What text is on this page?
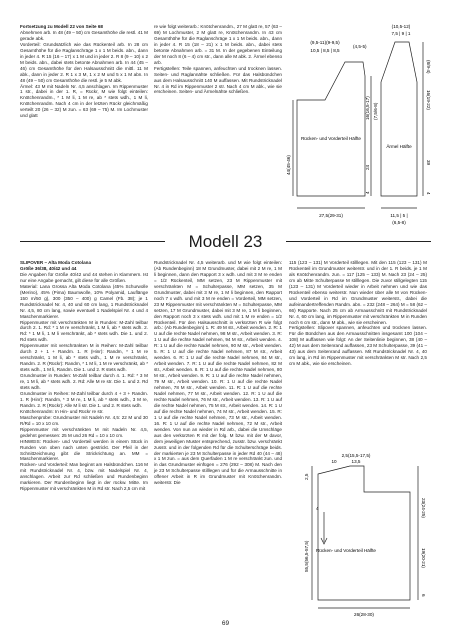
Fortsetzung zu Modell 22 von Seite 68

Abnehmen arb. In 48 (49 – 50) cm Gesamthöhe die restl. 41 M gerade abk.

Vorderteil: Grundsätzlich wie das Rückenteil arb. In 28 cm Gesamthöhe für die Raglanschräge 1 x 1 M beids. abn., dann in jeder 4. R 15 (16 – 17) x 1 M und in jeder 2. R 8 (9 – 10) x 2 M beids. abn., dabei stets betonte Abnahmen arb. In 44 (45 – 46) cm Gesamthöhe für den Halsausschnitt die mittl. 11 M abk., dann in jeder 2. R 1 x 3 M, 1 x 2 M und 5 x 1 M abn. In 48 (49 – 50) cm Gesamthöhe die restl. je 5 M abk.

Ärmel: 43 M mit Nadeln Nr. 4,5 anschlagen. Im Rippenmuster 1 str., dabei in der 1. R, = Rückr, M wie folgt einteilen: Knötchenrandm., * 1 M li, 1 M re, ab * stets wdh., 1 M li, Knötchenrandm. Nach 4 cm in der letzten Rückr gleichmäßig verteilt 20 (26 – 32) M zun. = 63 (69 – 75) M. Im Lochmuster und glatt

re wie folgt weiterarb.: Knötchenrandm., 27 M glatt re, 57 (63 – 69) M Lochmuster, 2 M glatt re, Knötchenrandm. In 43 cm Gesamthöhe für die Raglanschräge 1 x 1 M beids. abn., dann in jeder 4. R 15 (18 – 21) x 1 M beids. abn., dabei stets betonte Abnahmen arb. = 31 M. In der gegebenen Einteilung der M noch 8 (6 – 4) cm str., dann alle M abk. 2. Ärmel ebenso arb.

Fertigstellen: Teile spannen, anfeuchten und trocknen lassen. Seiten- und Raglannähte schließen. Für das Halsbündchen aus dem Halsausschnitt 140 M auffassen. Mit Rundstricknadel Nr. 4 in Rd im Rippenmuster 2 str. Nach 4 cm M abk., wie sie erscheinen. Seiten- und Ärmelnähte schließen.

Rücken- und Vorderteil Hälfte
Ärmel Hälfte
(9,5-11)(9-9,5)
10,5 | 8,5 | 8,5
(4,5-5)
(10,5-12)
7,5 | 9 | 1
(8/9-4)
16(19-22)
44(45-46)
16(16,5-17) (7,5/6-8)
24
4
39
4
27,5(29-31)	11,5 | 5 |
(6,5-8)
Modell 23

SLIPOVER – Alta Moda Cotolana

Größe 36/38, 40/42 und 44

Die Angaben für Größe 40/42 und 44 stehen in Klammern. Ist nur eine Angabe gemacht, gilt diese für alle Größen.

Material: Lana Grossa Alta Moda Cotolana (45% Schurwolle (Merino), 45% (Pima) Baumwolle, 10% Polyamid, Lauflänge 150 m/50 g), 300 (350 – 400) g Camel (Fb. 38); je 1 Rundstricknadel Nr. 4, 40 und 60 cm lang, 1 Rundstricknadel Nr. 4,5, 80 cm lang, sowie eventuell 1 Nadelspiel Nr. 4 und 4 Maschenmarkierer.

Rippenmuster mit verschränkten M in Runden: M-Zahl teilbar durch 2. 1. Rd: * 1 M re verschränkt, 1 M li, ab * stets wdh. 2. Rd: * 1 M li, 1 M li verschränkt, ab * stets wdh. Die 1. und 2. Rd stets wdh.

Rippenmuster mit verschränkten M in Reihen: M-Zahl teilbar durch 2 + 1 + Randm. 1. R (Hinr): Randm, * 1 M re verschränkt, 1 M li, ab * stets wdh., 1 M re verschränkt, Randm. 2. R (Rückr): Randm, * 1 M li, 1 M re verschränkt, ab * stets wdh., 1 M li, Randm. Die 1. und 2. R stets wdh.

Grundmuster in Runden: M-Zahl teilbar durch 4. 1. Rd: * 3 M re, 1 M li, ab * stets wdh. 2. Rd: Alle M re str. Die 1. und 2. Rd stets wdh.

Grundmuster in Reihen: M-Zahl teilbar durch 4 + 3 + Randm. 1. R (Hinr): Randm, * 3 M re, 1 M li, ab * stets wdh., 3 M re, Randm. 2. R (Rückr): Alle M li str. Die 1. und 2. R stets wdh.

Knötchenrandm: In Hin- und Rückr re str.

Maschenprobe: Grundmuster mit Nadeln Nr. 4,5: 22 M und 30 R/Rd = 10 x 10 cm.

Rippenmuster mit verschränkten M mit Nadeln Nr. 4,5, gedehnt gemessen: 25 M und 26 Rd = 10 x 10 cm.

HINWEIS: Rücken- und Vorderteil werden in einem Stück in Runden von oben nach unten gestrickt. Der Pfeil in der Schnittzeichnung gibt die Strickrichtung an. MM = Maschenmarkierer.

Rücken- und Vorderteil: Man beginnt am Halsbündchen. 116 M mit Rundstricknadel Nr. 4, bzw. mit Nadelspiel Nr. 4, anschlagen. Arbeit zur Rd schließen und Rundenbeginn markieren. Der Rundenbeginn liegt in der rückw. Mitte. Im Rippenmuster mit verschränkten M in Rd str. Nach 2,5 cm mit

Rundstricknadel Nr. 4,5 weiterarb. und M wie folgt einteilen: (Ab Rundenbeginn) 18 M Grundmuster, dabei mit 2 M re, 1 M li beginnen, dann den Rapport 3 x wdh. und mit 3 M re enden = 1/2 Rückenteil, MM setzen, 23 M Rippenmuster mit verschränkten M = Schulterpasse, MM setzen, 35 M Grundmuster, dabei mit 3 M re, 1 M li beginnen, den Rapport noch 7 x wdh. und mit 3 M re enden = Vorderteil, MM setzen, 23 M Rippenmuster mit verschränkten M = Schulterpasse, MM setzen, 17 M Grundmuster, dabei mit 3 M re, 1 M li beginnen, den Rapport noch 3 x stets wdh. und mit 1 M re enden = 1/2 Rückenteil. Für den Halsausschnitt in verkürzten R wie folgt arb.: (Ab Rundenbeginn) 1. R: 49 M str., Arbeit wenden. 2. R: 1 U auf die rechte Nadel nehmen, 98 M str., Arbeit wenden. 3. R: 1 U auf die rechte Nadel nehmen, 94 M str., Arbeit wenden. 4. R: 1 U auf die rechte Nadel nehmen, 90 M str., Arbeit wenden. 5. R: 1 U auf die rechte Nadel nehmen, 87 M str., Arbeit wenden. 6. R: 1 U auf die rechte Nadel nehmen, 84 M str., Arbeit wenden. 7. R: 1 U auf die rechte Nadel nehmen, 82 M str., Arbeit wenden. 8. R: 1 U auf die rechte Nadel nehmen, 80 M str., Arbeit wenden. 9. R: 1 U auf die rechte Nadel nehmen, 79 M str., Arbeit wenden. 10. R: 1 U auf die rechte Nadel nehmen, 78 M str., Arbeit wenden. 11. R: 1 U auf die rechte Nadel nehmen, 77 M str., Arbeit wenden. 12. R: 1 U auf die rechte Nadel nehmen, 76 M str., Arbeit wenden. 13. R: 1 U auf die rechte Nadel nehmen, 75 M str., Arbeit wenden. 14. R: 1 U auf die rechte Nadel nehmen, 74 M str., Arbeit wenden. 15. R: 1 U auf die rechte Nadel nehmen, 73 M str., Arbeit wenden. 16. R: 1 U auf die rechte Nadel nehmen, 72 M str., Arbeit wenden. Von nun an wieder in Rd arb., dabei die Umschläge aus den verkürzten R mit der folg. M bzw. mit der M davor, dem jeweiligen Muster entsprechend, zusstr. bzw. verschränkt zusstr. und in der folgenden Rd für die Schulterschräge beids. der markierten je 23 M Schulterpasse in jeder Rd 40 (44 – 48) x 1 M zun. = aus dem Querfaden 1 M re verschränkt zun. und in das Grundmuster einfügen = 276 (292 – 308) M. Nach den je 23 M Schulterpasse stilllegen und für die Armausschnitte in offener Arbeit in R im Grundmuster mit Knötchenrandm. weiterstr. Die

115 (123 – 131) M Vorderteil stilllegen. Mit den 115 (123 – 131) M Rückenteil im Grundmuster weiterstr. und in der 1. R beids. je 1 M als Knötchenrandm. zun. = 117 (125 – 133) M. Nach 23 (24 – 25) cm ab Mitte Schulterpasse M stilllegen. Die zuvor stillgelegten 115 (123 – 131) M Vorderteil wieder in Arbeit nehmen und wie das Rückenteil ebenso weiterstr. Nun wieder über alle M von Rücken- und Vorderteil in Rd im Grundmuster weiterstr., dabei die aufeinandertreffenden Randm. abn. = 232 (248 – 264) M = 58 (62 – 66) Rapporte. Nach 25 cm ab Armausschnitt mit Rundstricknadel Nr. 4, 60 cm lang, im Rippenmuster mit verschränkten M in Runden noch 6 cm str., dann M abk., wie sie erscheinen.

Fertigstellen: Slipover spannen, anfeuchten und trocknen lassen. Für die Bündchen aus den Armausschnitten insgesamt 100 (104 – 108) M auffassen wie folgt: An der Seitenlinie beginnen, 38 (40 – 42) M aus dem Seitenrand auffassen, 23 M Schulterpasse, 39 (41 – 43) aus dem Seitenrand auffassen. Mit Rundstricknadel Nr. 4, 40 cm lang, in Rd im Rippenmuster mit verschränkten M str. Nach 2,5 cm M abk., wie sie erscheinen.

Rücken- und Vorderteil Hälfte
2,5(15,5-17,5)
10	13,5
2,5
23(24-25)
55,5(56,5-57,5)
6
19(20-21)
26(28-30)
4
69
